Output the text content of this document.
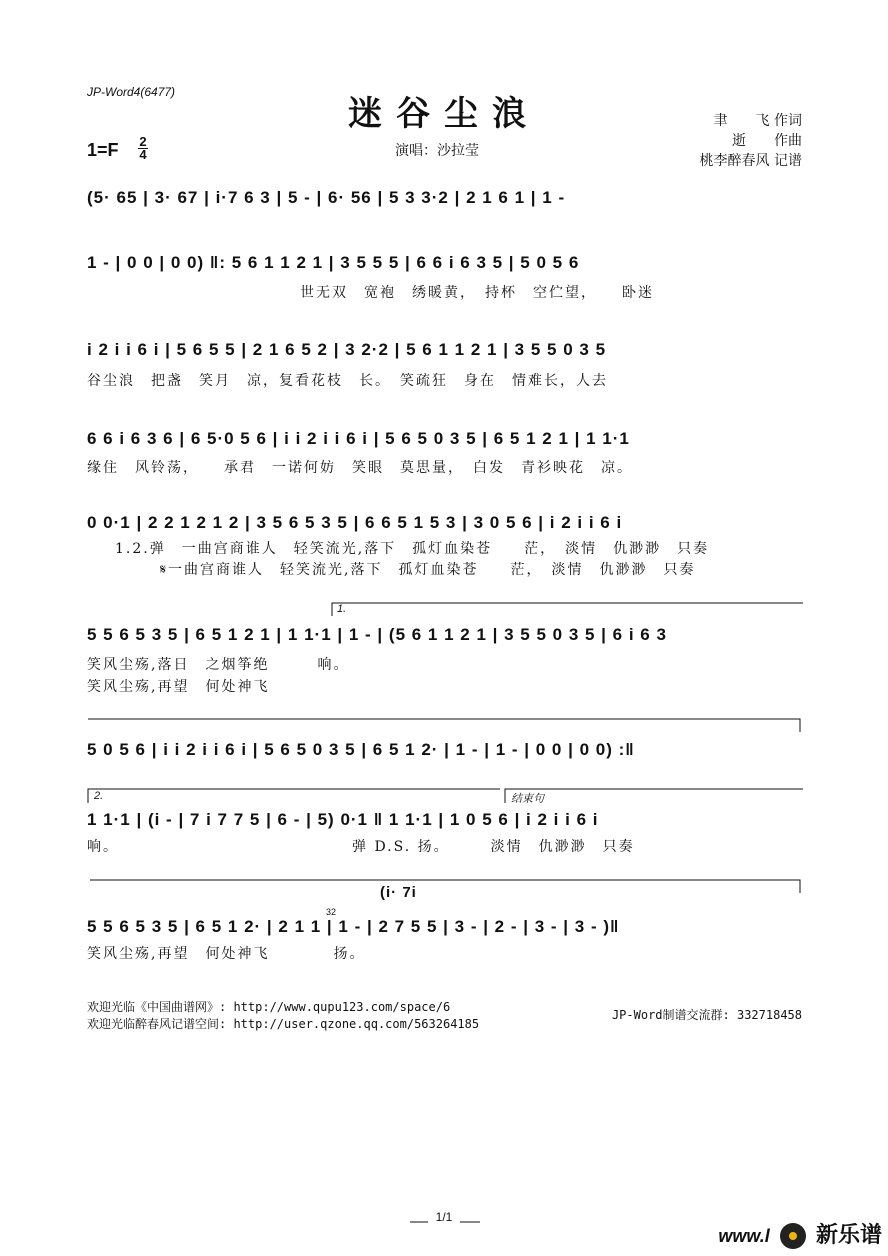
JP-Word4(6477)
迷谷尘浪
1=F 2
4	演唱：沙拉莹
聿　　飞 作词
逝　　作曲
桃李醉春风 记谱
(5· 65 | 3· 67 | i·7 6 3 | 5 - | 6· 56 | 5 3 3·2 | 2 1 6 1 | 1 -
1 - | 0 0 | 0 0) ‖: 5 6 1 1 2 1 | 3 5 5 5 | 6 6 i 6 3 5 | 5 0 5 6
世无双　宽袍　绣暖黄，　持杯　空伫望，　　卧迷
i 2 i i 6 i | 5 6 5 5 | 2 1 6 5 2 | 3 2·2 | 5 6 1 1 2 1 | 3 5 5 0 3 5
谷尘浪　把盏　笑月　凉，复看花枝　长。　笑疏狂　身在　情难长，人去
6 6 i 6 3 6 | 6 5·0 5 6 | i i 2 i i 6 i | 5 6 5 0 3 5 | 6 5 1 2 1 | 1 1·1
缘住　风铃荡，　　承君　一诺何妨　笑眼　莫思量，　白发　青衫映花　凉。
0 0·1 | 2 2 1 2 1 2 | 3 5 6 5 3 5 | 6 6 5 1 5 3 | 3 0 5 6 | i 2 i i 6 i
1.2.弹　一曲宫商谁人　轻笑流光,落下　孤灯血染苍　　茫，　淡情　仇渺渺　只奏
𝄋一曲宫商谁人　轻笑流光,落下　孤灯血染苍　　茫，　淡情　仇渺渺　只奏
1.
5 5 6 5 3 5 | 6 5 1 2 1 | 1 1·1 | 1 - | (5 6 1 1 2 1 | 3 5 5 0 3 5 | 6 i 6 3
笑风尘殇,落日　之烟筝绝　　　响。
笑风尘殇,再望　何处神飞
5 0 5 6 | i i 2 i i 6 i | 5 6 5 0 3 5 | 6 5 1 2· | 1 - | 1 - | 0 0 | 0 0) :‖
2.	结束句
1 1·1 | (i - | 7 i 7 7 5 | 6 - | 5) 0·1 ‖ 1 1·1 | 1 0 5 6 | i 2 i i 6 i
响。　　　　　　　　　　　　　　　弹 D.S. 扬。　　　淡情　仇渺渺　只奏
(i· 7i
32
5 5 6 5 3 5 | 6 5 1 2· | 2 1 1 | 1 - | 2 7 5 5 | 3 - | 2 - | 3 - | 3 - )‖
笑风尘殇,再望　何处神飞　　　　扬。
欢迎光临《中国曲谱网》: http://www.qupu123.com/space/6
欢迎光临醉春风记谱空间: http://user.qzone.qq.com/563264185
JP-Word制谱交流群: 332718458
1/1
www.l 新乐谱
